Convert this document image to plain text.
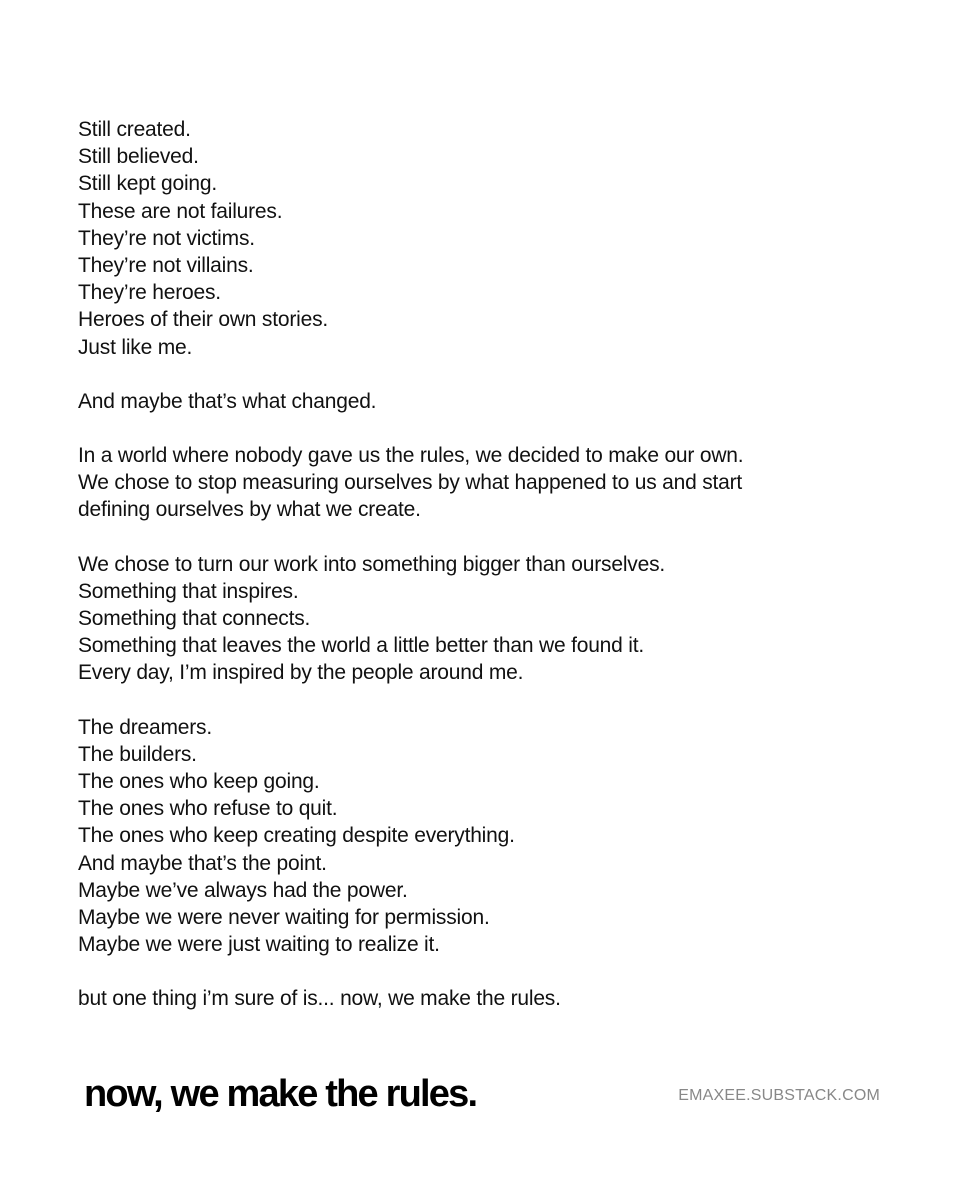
Still created.
Still believed.
Still kept going.
These are not failures.
They’re not victims.
They’re not villains.
They’re heroes.
Heroes of their own stories.
Just like me.
And maybe that’s what changed.
In a world where nobody gave us the rules, we decided to make our own.
We chose to stop measuring ourselves by what happened to us and start
defining ourselves by what we create.
We chose to turn our work into something bigger than ourselves.
Something that inspires.
Something that connects.
Something that leaves the world a little better than we found it.
Every day, I’m inspired by the people around me.
The dreamers.
The builders.
The ones who keep going.
The ones who refuse to quit.
The ones who keep creating despite everything.
And maybe that’s the point.
Maybe we’ve always had the power.
Maybe we were never waiting for permission.
Maybe we were just waiting to realize it.
but one thing i’m sure of is... now, we make the rules.
now, we make the rules.	EMAXEE.SUBSTACK.COM
